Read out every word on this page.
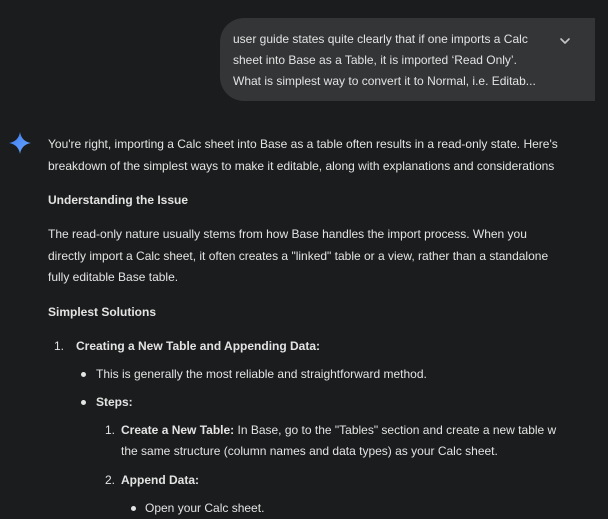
user guide states quite clearly that if one imports a Calc
sheet into Base as a Table, it is imported ‘Read Only’.
What is simplest way to convert it to Normal, i.e. Editab...
You're right, importing a Calc sheet into Base as a table often results in a read-only state. Here's
breakdown of the simplest ways to make it editable, along with explanations and considerations
Understanding the Issue
The read-only nature usually stems from how Base handles the import process. When you
directly import a Calc sheet, it often creates a "linked" table or a view, rather than a standalone
fully editable Base table.
Simplest Solutions
1. Creating a New Table and Appending Data:
This is generally the most reliable and straightforward method.
Steps:
1. Create a New Table: In Base, go to the "Tables" section and create a new table w
the same structure (column names and data types) as your Calc sheet.
2. Append Data:
Open your Calc sheet.
